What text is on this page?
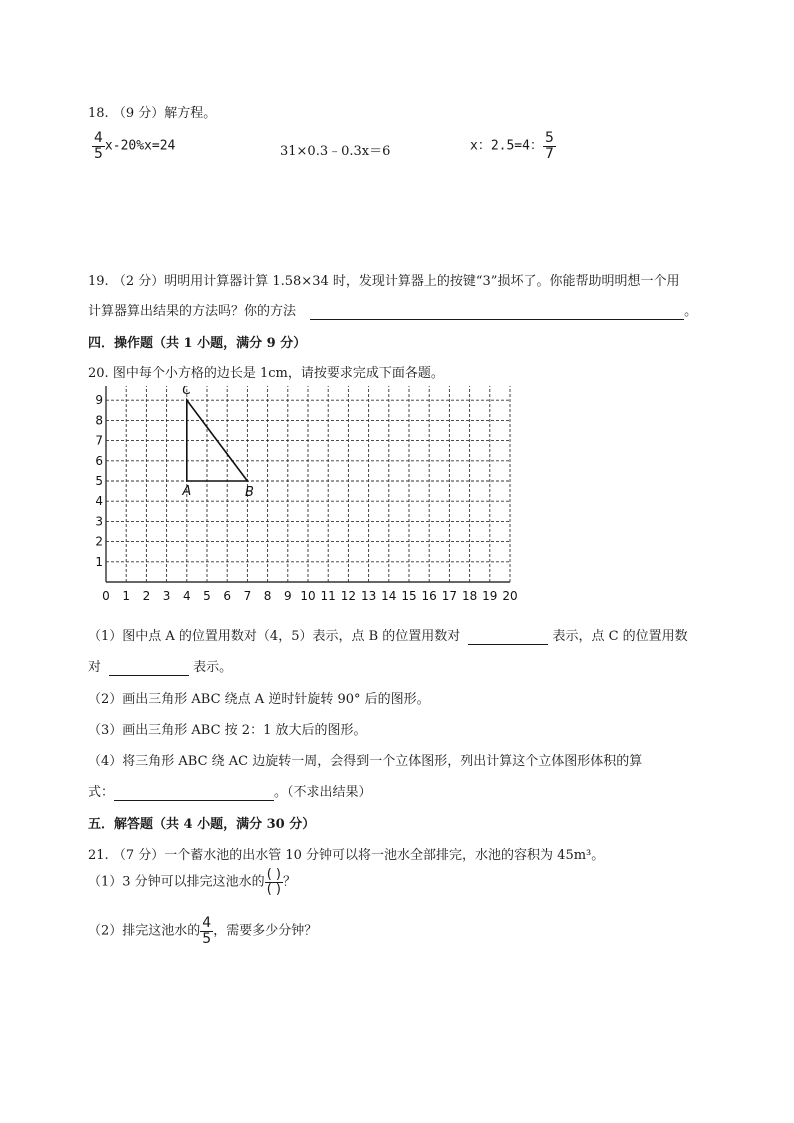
18. （9 分）解方程。
$\frac{4}{5} x-20\%x=24$	31×0.3﹣0.3x＝6	x：2.5=4： $\frac{5}{7}$
19. （2 分）明明用计算器计算 1.58×34 时，发现计算器上的按键“3”损坏了。你能帮助明明想一个用
计算器算出结果的方法吗？你的方法	。
四．操作题（共 1 小题，满分 9 分）
20. 图中每个小方格的边长是 1cm，请按要求完成下面各题。
0 1 2 3 4 5 6 7 8 9 10 11 12 13 14 15 16 17 18 19 20
1
2
3
4
5
6
7
8
9
A	B
C
（1）图中点 A 的位置用数对（4，5）表示，点 B 的位置用数对	表示，点 C 的位置用数
对	表示。
（2）画出三角形 ABC 绕点 A 逆时针旋转 90° 后的图形。
（3）画出三角形 ABC 按 2：1 放大后的图形。
（4）将三角形 ABC 绕 AC 边旋转一周，会得到一个立体图形，列出计算这个立体图形体积的算
式：	。（不求出结果）
五．解答题（共 4 小题，满分 30 分）
21. （7 分）一个蓄水池的出水管 10 分钟可以将一池水全部排完，水池的容积为 45m³。
（1）3 分钟可以排完这池水的 $\frac{( )}{( )}$ ？
（2）排完这池水的 $\frac{4}{5}$ ，需要多少分钟？
